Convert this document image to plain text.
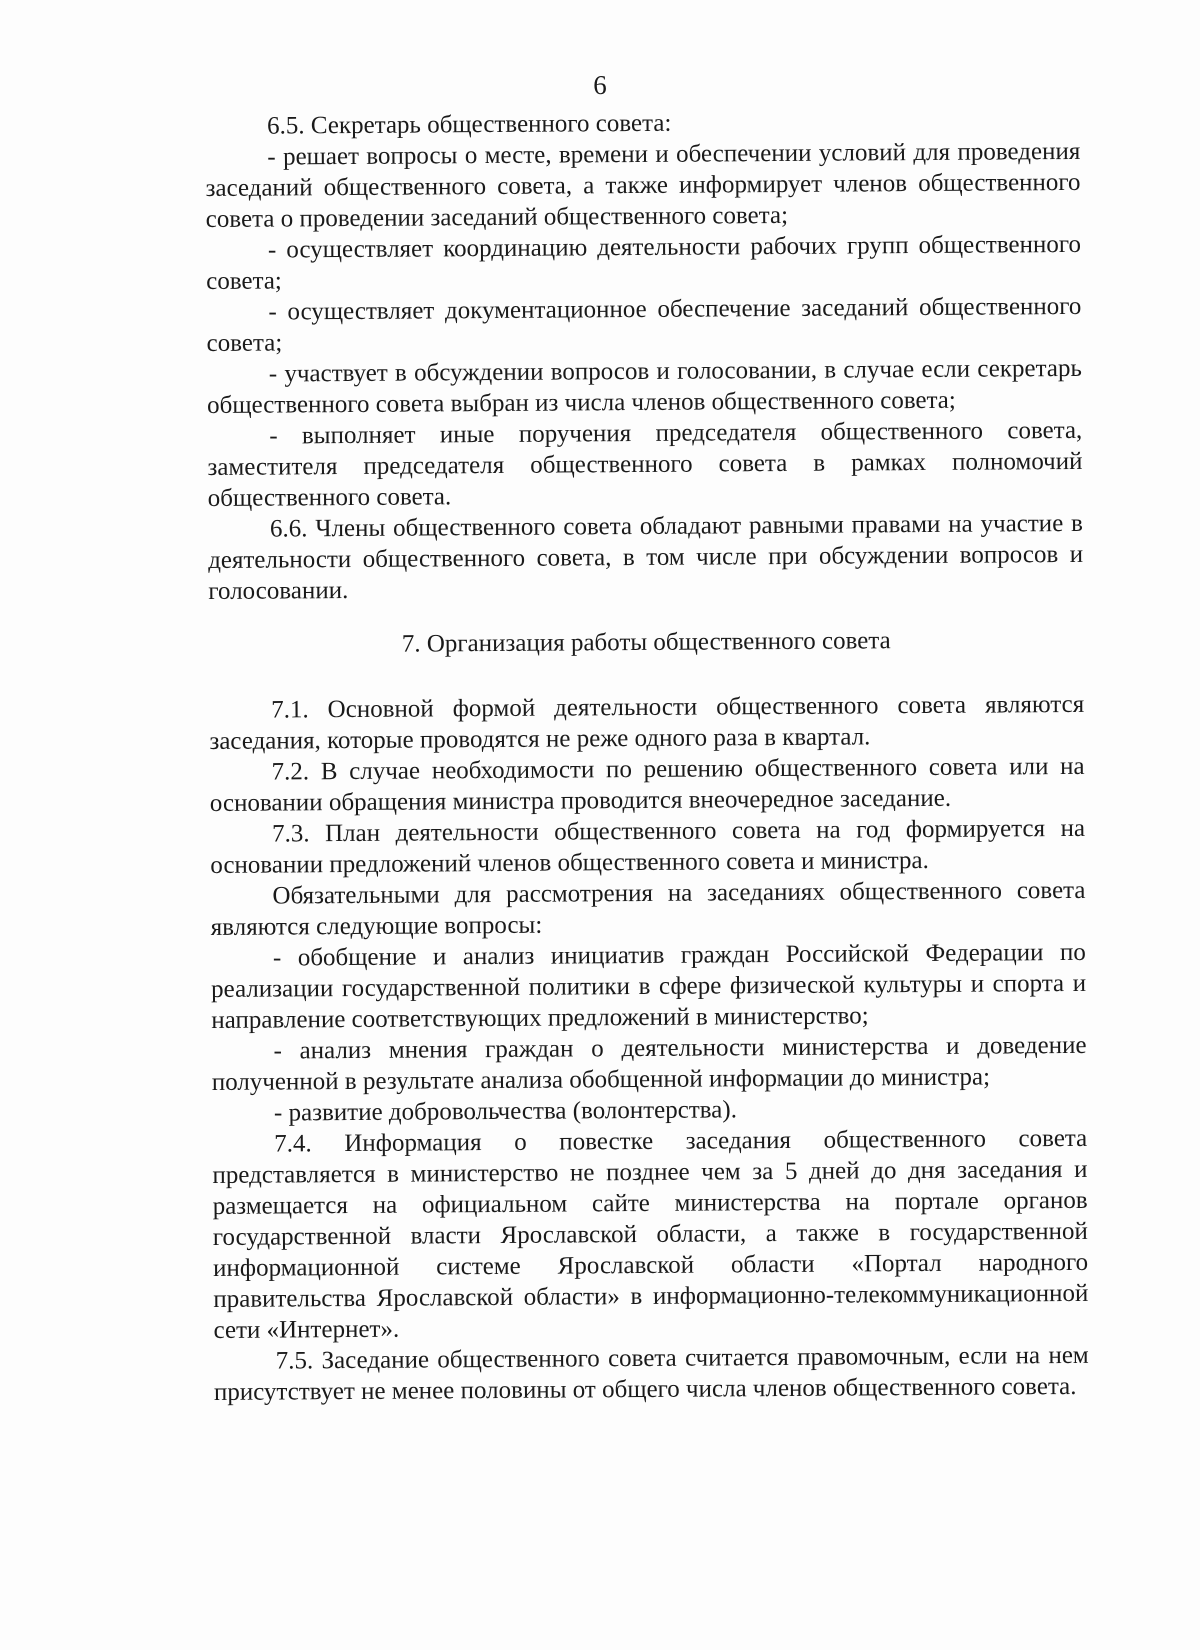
6

6.5. Секретарь общественного совета:

- решает вопросы о месте, времени и обеспечении условий для проведения заседаний общественного совета, а также информирует членов общественного совета о проведении заседаний общественного совета;

- осуществляет координацию деятельности рабочих групп общественного совета;

- осуществляет документационное обеспечение заседаний общественного совета;

- участвует в обсуждении вопросов и голосовании, в случае если секретарь общественного совета выбран из числа членов общественного совета;

- выполняет иные поручения председателя общественного совета, заместителя председателя общественного совета в рамках полномочий общественного совета.

6.6. Члены общественного совета обладают равными правами на участие в деятельности общественного совета, в том числе при обсуждении вопросов и голосовании.

7. Организация работы общественного совета

7.1. Основной формой деятельности общественного совета являются заседания, которые проводятся не реже одного раза в квартал.

7.2. В случае необходимости по решению общественного совета или на основании обращения министра проводится внеочередное заседание.

7.3. План деятельности общественного совета на год формируется на основании предложений членов общественного совета и министра.

Обязательными для рассмотрения на заседаниях общественного совета являются следующие вопросы:

- обобщение и анализ инициатив граждан Российской Федерации по реализации государственной политики в сфере физической культуры и спорта и направление соответствующих предложений в министерство;

- анализ мнения граждан о деятельности министерства и доведение полученной в результате анализа обобщенной информации до министра;

- развитие добровольчества (волонтерства).

7.4. Информация о повестке заседания общественного совета представляется в министерство не позднее чем за 5 дней до дня заседания и размещается на официальном сайте министерства на портале органов государственной власти Ярославской области, а также в государственной информационной системе Ярославской области «Портал народного правительства Ярославской области» в информационно-телекоммуникационной сети «Интернет».

7.5. Заседание общественного совета считается правомочным, если на нем присутствует не менее половины от общего числа членов общественного совета.
